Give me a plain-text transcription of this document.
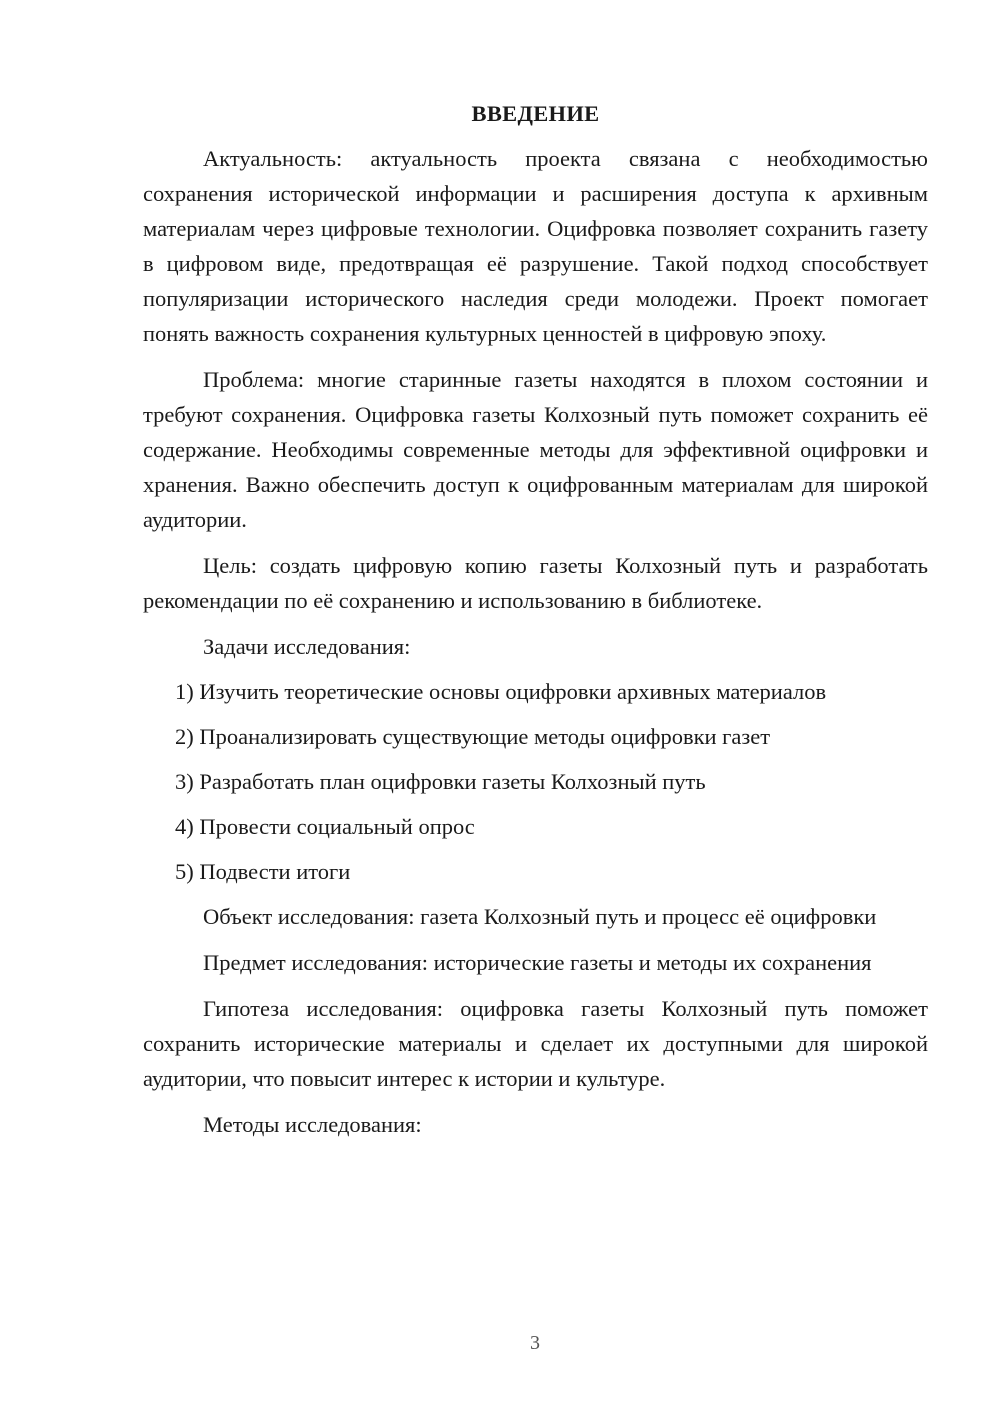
ВВЕДЕНИЕ

Актуальность: актуальность проекта связана с необходимостью сохранения исторической информации и расширения доступа к архивным материалам через цифровые технологии. Оцифровка позволяет сохранить газету в цифровом виде, предотвращая её разрушение. Такой подход способствует популяризации исторического наследия среди молодежи. Проект помогает понять важность сохранения культурных ценностей в цифровую эпоху.

Проблема: многие старинные газеты находятся в плохом состоянии и требуют сохранения. Оцифровка газеты Колхозный путь поможет сохранить её содержание. Необходимы современные методы для эффективной оцифровки и хранения. Важно обеспечить доступ к оцифрованным материалам для широкой аудитории.

Цель: создать цифровую копию газеты Колхозный путь и разработать рекомендации по её сохранению и использованию в библиотеке.

Задачи исследования:

1) Изучить теоретические основы оцифровки архивных материалов
2) Проанализировать существующие методы оцифровки газет
3) Разработать план оцифровки газеты Колхозный путь
4) Провести социальный опрос
5) Подвести итоги

Объект исследования: газета Колхозный путь и процесс её оцифровки

Предмет исследования: исторические газеты и методы их сохранения

Гипотеза исследования: оцифровка газеты Колхозный путь поможет сохранить исторические материалы и сделает их доступными для широкой аудитории, что повысит интерес к истории и культуре.

Методы исследования:

3
